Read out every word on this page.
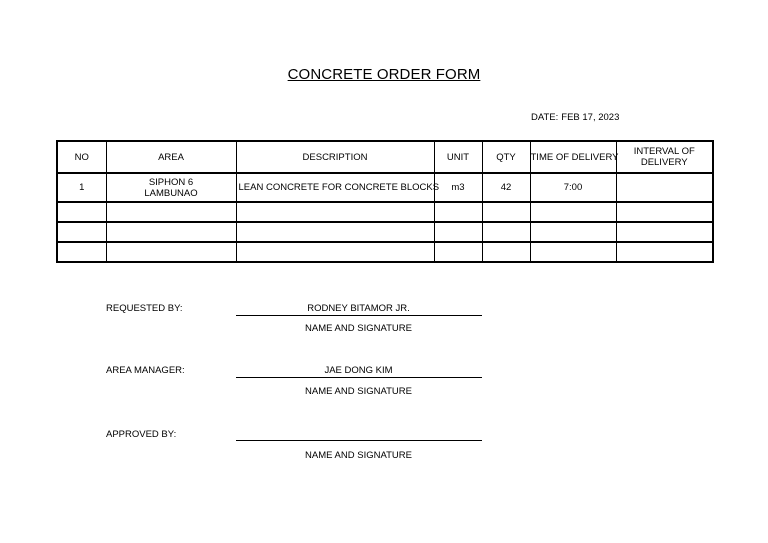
CONCRETE ORDER FORM
DATE: FEB 17, 2023
NO	AREA	DESCRIPTION	UNIT	QTY	TIME OF DELIVERY	INTERVAL OF DELIVERY
1	SIPHON 6 LAMBUNAO	LEAN CONCRETE FOR CONCRETE BLOCKS	m3	42	7:00	

REQUESTED BY:	RODNEY BITAMOR JR.
NAME AND SIGNATURE
AREA MANAGER:	JAE DONG KIM
NAME AND SIGNATURE
APPROVED BY:
NAME AND SIGNATURE
